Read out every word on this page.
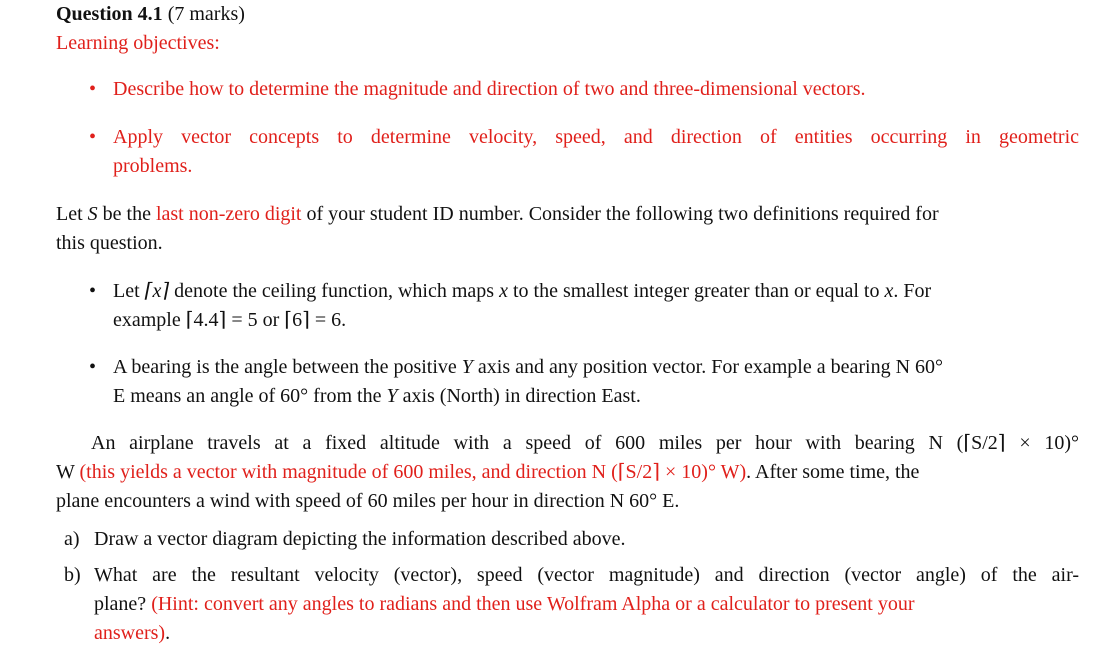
Question 4.1 (7 marks)
Learning objectives:
• Describe how to determine the magnitude and direction of two and three-dimensional vectors.
• Apply vector concepts to determine velocity, speed, and direction of entities occurring in geometric
problems.
Let S be the last non-zero digit of your student ID number. Consider the following two definitions required for
this question.
• Let ⌈x⌉ denote the ceiling function, which maps x to the smallest integer greater than or equal to x. For
example ⌈4.4⌉ = 5 or ⌈6⌉ = 6.
• A bearing is the angle between the positive Y axis and any position vector. For example a bearing N 60°
E means an angle of 60° from the Y axis (North) in direction East.
An airplane travels at a fixed altitude with a speed of 600 miles per hour with bearing N (⌈S/2⌉ × 10)°
W (this yields a vector with magnitude of 600 miles, and direction N (⌈S/2⌉ × 10)° W). After some time, the
plane encounters a wind with speed of 60 miles per hour in direction N 60° E.
a) Draw a vector diagram depicting the information described above.
b) What are the resultant velocity (vector), speed (vector magnitude) and direction (vector angle) of the air-
plane? (Hint: convert any angles to radians and then use Wolfram Alpha or a calculator to present your
answers).
